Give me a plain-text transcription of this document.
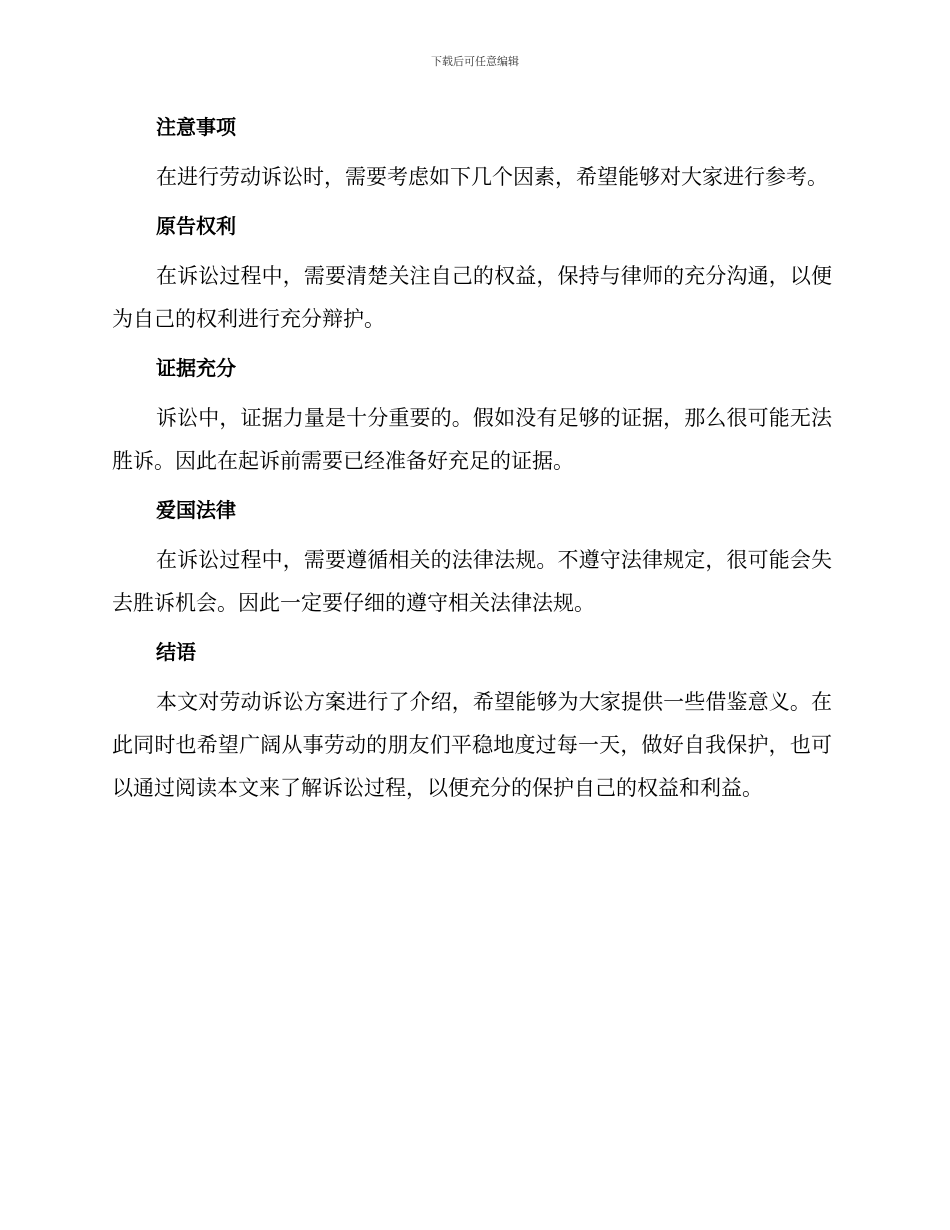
下载后可任意编辑
注意事项

在进行劳动诉讼时，需要考虑如下几个因素，希望能够对大家进行参考。

原告权利

在诉讼过程中，需要清楚关注自己的权益，保持与律师的充分沟通，以便为自己的权利进行充分辩护。

证据充分

诉讼中，证据力量是十分重要的。假如没有足够的证据，那么很可能无法胜诉。因此在起诉前需要已经准备好充足的证据。

爱国法律

在诉讼过程中，需要遵循相关的法律法规。不遵守法律规定，很可能会失去胜诉机会。因此一定要仔细的遵守相关法律法规。

结语

本文对劳动诉讼方案进行了介绍，希望能够为大家提供一些借鉴意义。在此同时也希望广阔从事劳动的朋友们平稳地度过每一天，做好自我保护，也可以通过阅读本文来了解诉讼过程，以便充分的保护自己的权益和利益。
